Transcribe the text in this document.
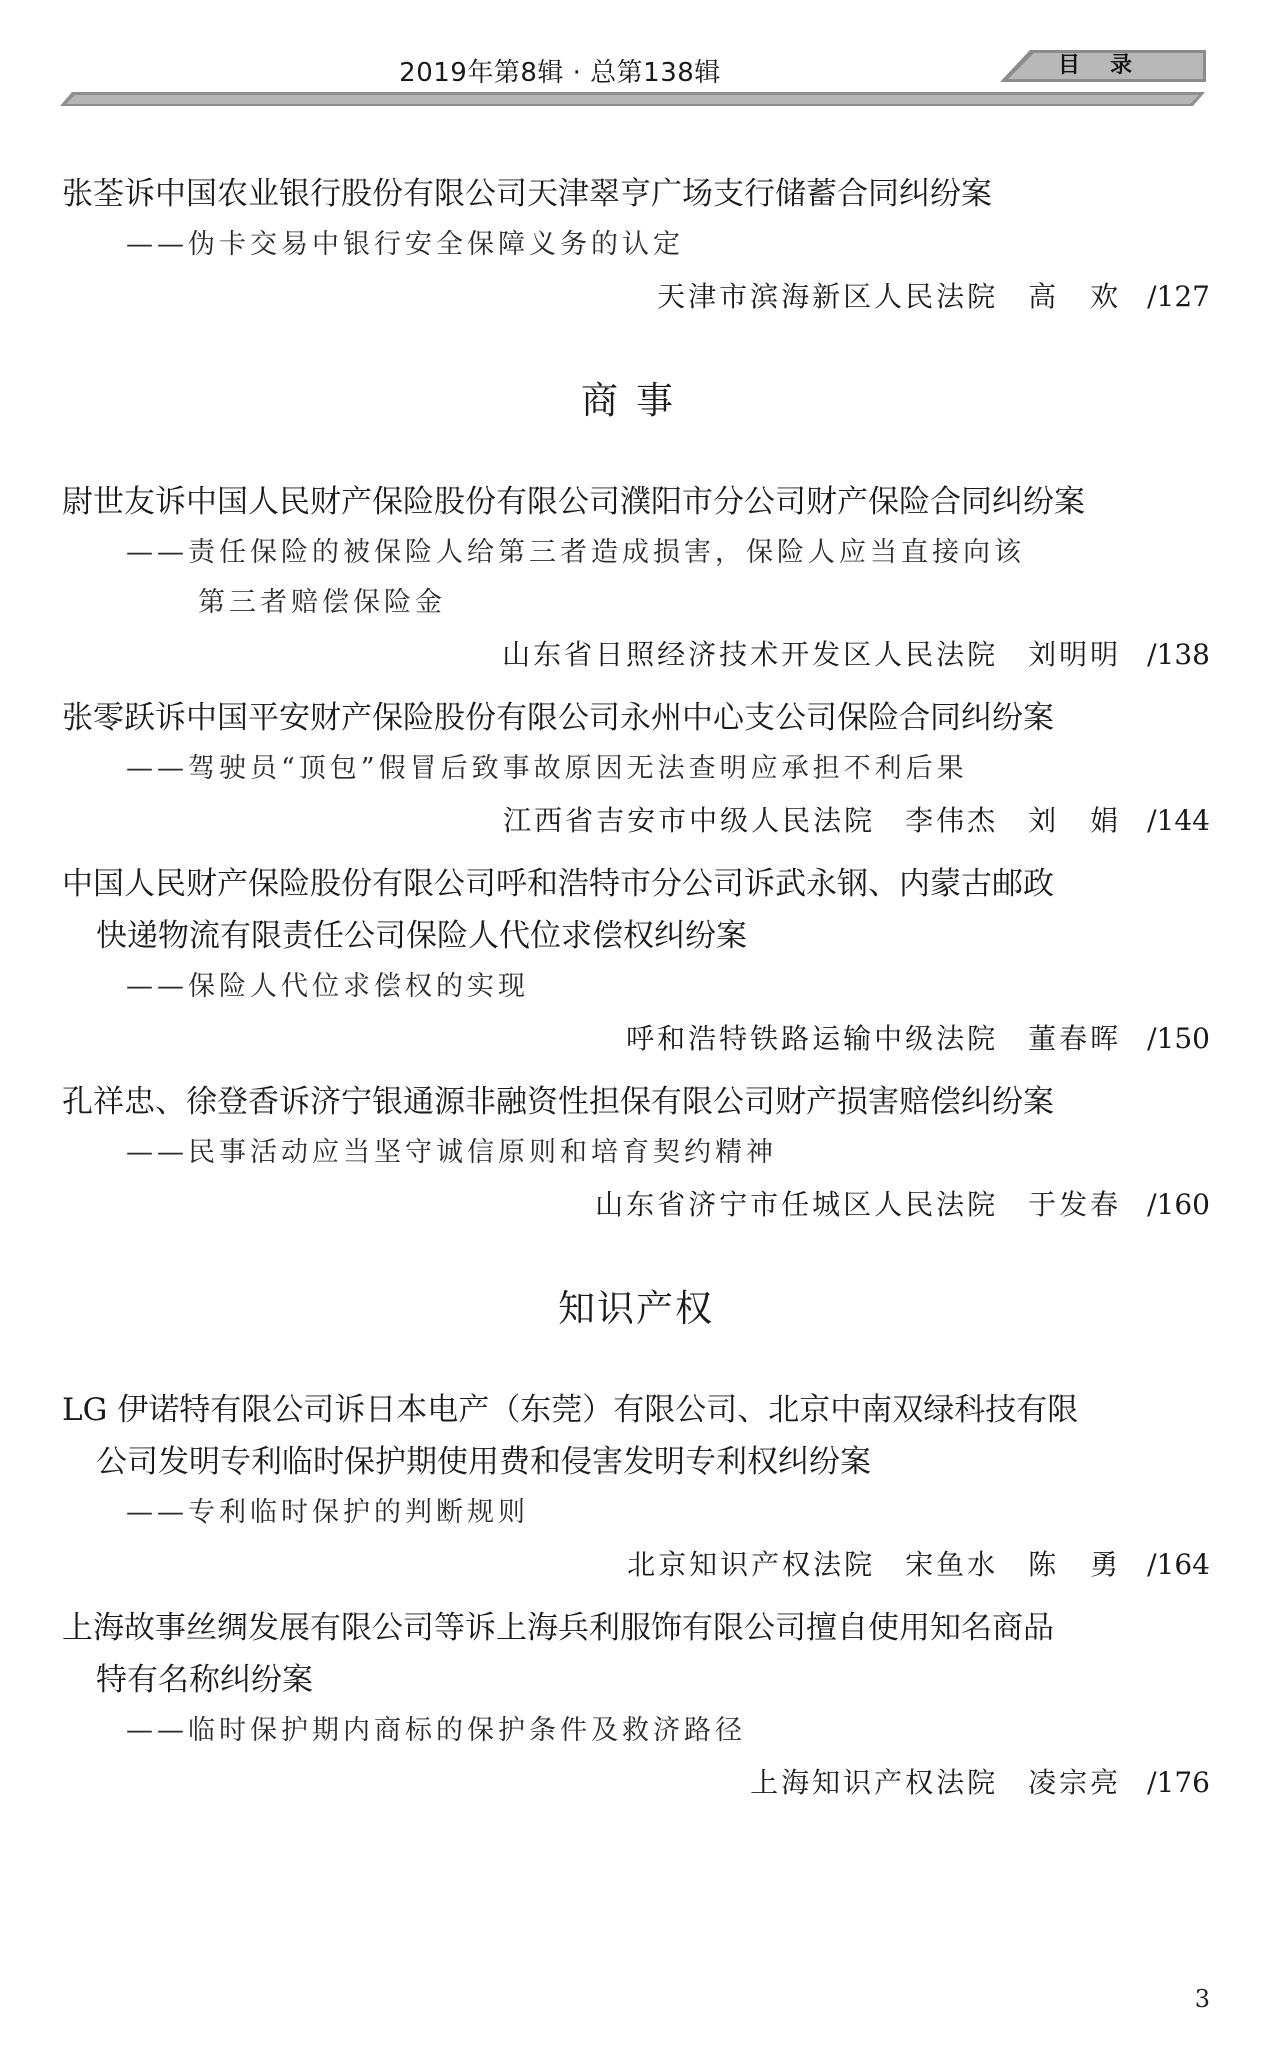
2019年第8辑 · 总第138辑	目录
张荃诉中国农业银行股份有限公司天津翠亨广场支行储蓄合同纠纷案
——伪卡交易中银行安全保障义务的认定
天津市滨海新区人民法院 高　欢 /127
商事
尉世友诉中国人民财产保险股份有限公司濮阳市分公司财产保险合同纠纷案
——责任保险的被保险人给第三者造成损害，保险人应当直接向该
第三者赔偿保险金
山东省日照经济技术开发区人民法院 刘明明 /138
张零跃诉中国平安财产保险股份有限公司永州中心支公司保险合同纠纷案
——驾驶员“顶包”假冒后致事故原因无法查明应承担不利后果
江西省吉安市中级人民法院 李伟杰 刘　娟 /144
中国人民财产保险股份有限公司呼和浩特市分公司诉武永钢、内蒙古邮政
快递物流有限责任公司保险人代位求偿权纠纷案
——保险人代位求偿权的实现
呼和浩特铁路运输中级法院 董春晖 /150
孔祥忠、徐登香诉济宁银通源非融资性担保有限公司财产损害赔偿纠纷案
——民事活动应当坚守诚信原则和培育契约精神
山东省济宁市任城区人民法院 于发春 /160
知识产权
LG 伊诺特有限公司诉日本电产（东莞）有限公司、北京中南双绿科技有限
公司发明专利临时保护期使用费和侵害发明专利权纠纷案
——专利临时保护的判断规则
北京知识产权法院 宋鱼水 陈　勇 /164
上海故事丝绸发展有限公司等诉上海兵利服饰有限公司擅自使用知名商品
特有名称纠纷案
——临时保护期内商标的保护条件及救济路径
上海知识产权法院 凌宗亮 /176
3
